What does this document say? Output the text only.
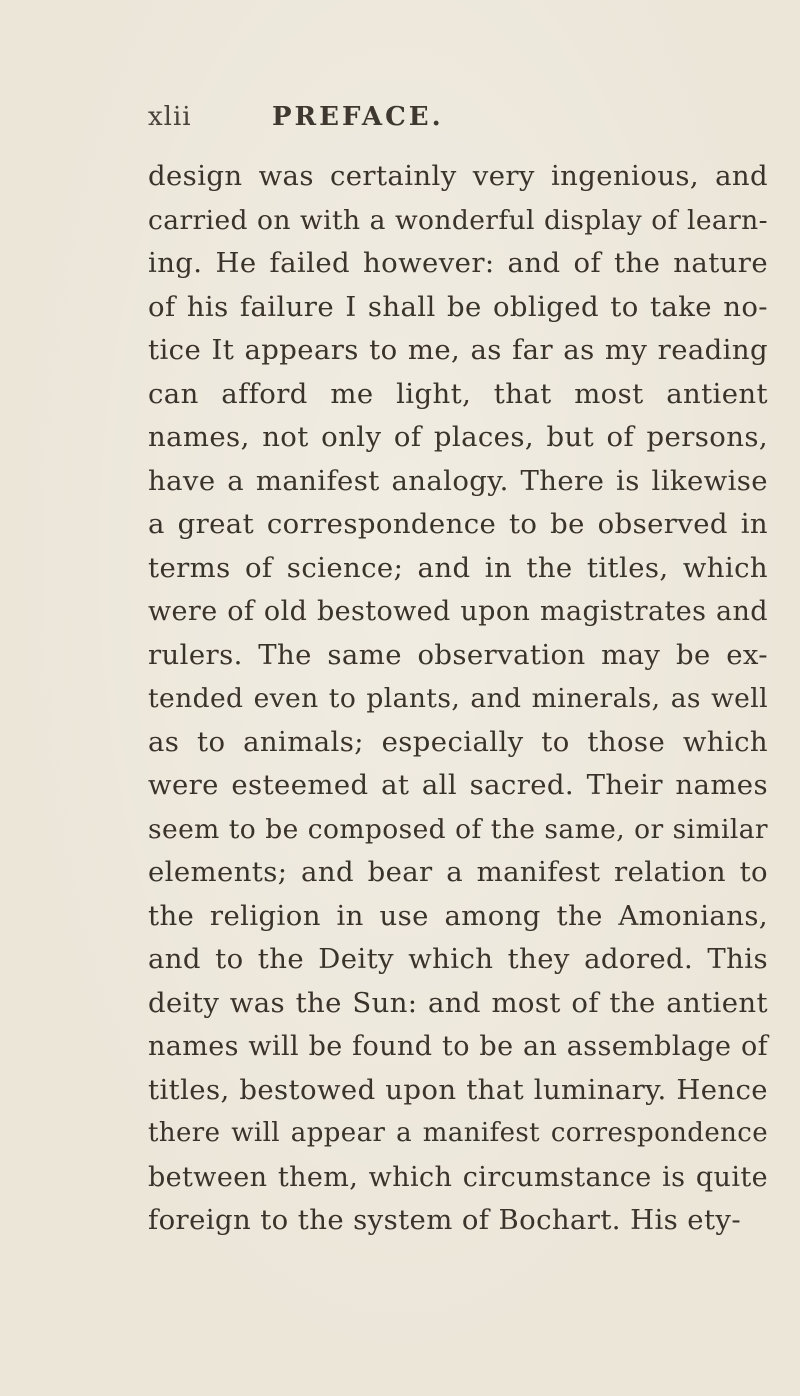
xlii	PREFACE.
design was certainly very ingenious, and
carried on with a wonderful display of learn-
ing. He failed however: and of the nature
of his failure I shall be obliged to take no-
tice It appears to me, as far as my reading
can afford me light, that most antient
names, not only of places, but of persons,
have a manifest analogy. There is likewise
a great correspondence to be observed in
terms of science; and in the titles, which
were of old bestowed upon magistrates and
rulers. The same observation may be ex-
tended even to plants, and minerals, as well
as to animals; especially to those which
were esteemed at all sacred. Their names
seem to be composed of the same, or similar
elements; and bear a manifest relation to
the religion in use among the Amonians,
and to the Deity which they adored. This
deity was the Sun: and most of the antient
names will be found to be an assemblage of
titles, bestowed upon that luminary. Hence
there will appear a manifest correspondence
between them, which circumstance is quite
foreign to the system of Bochart. His ety-
